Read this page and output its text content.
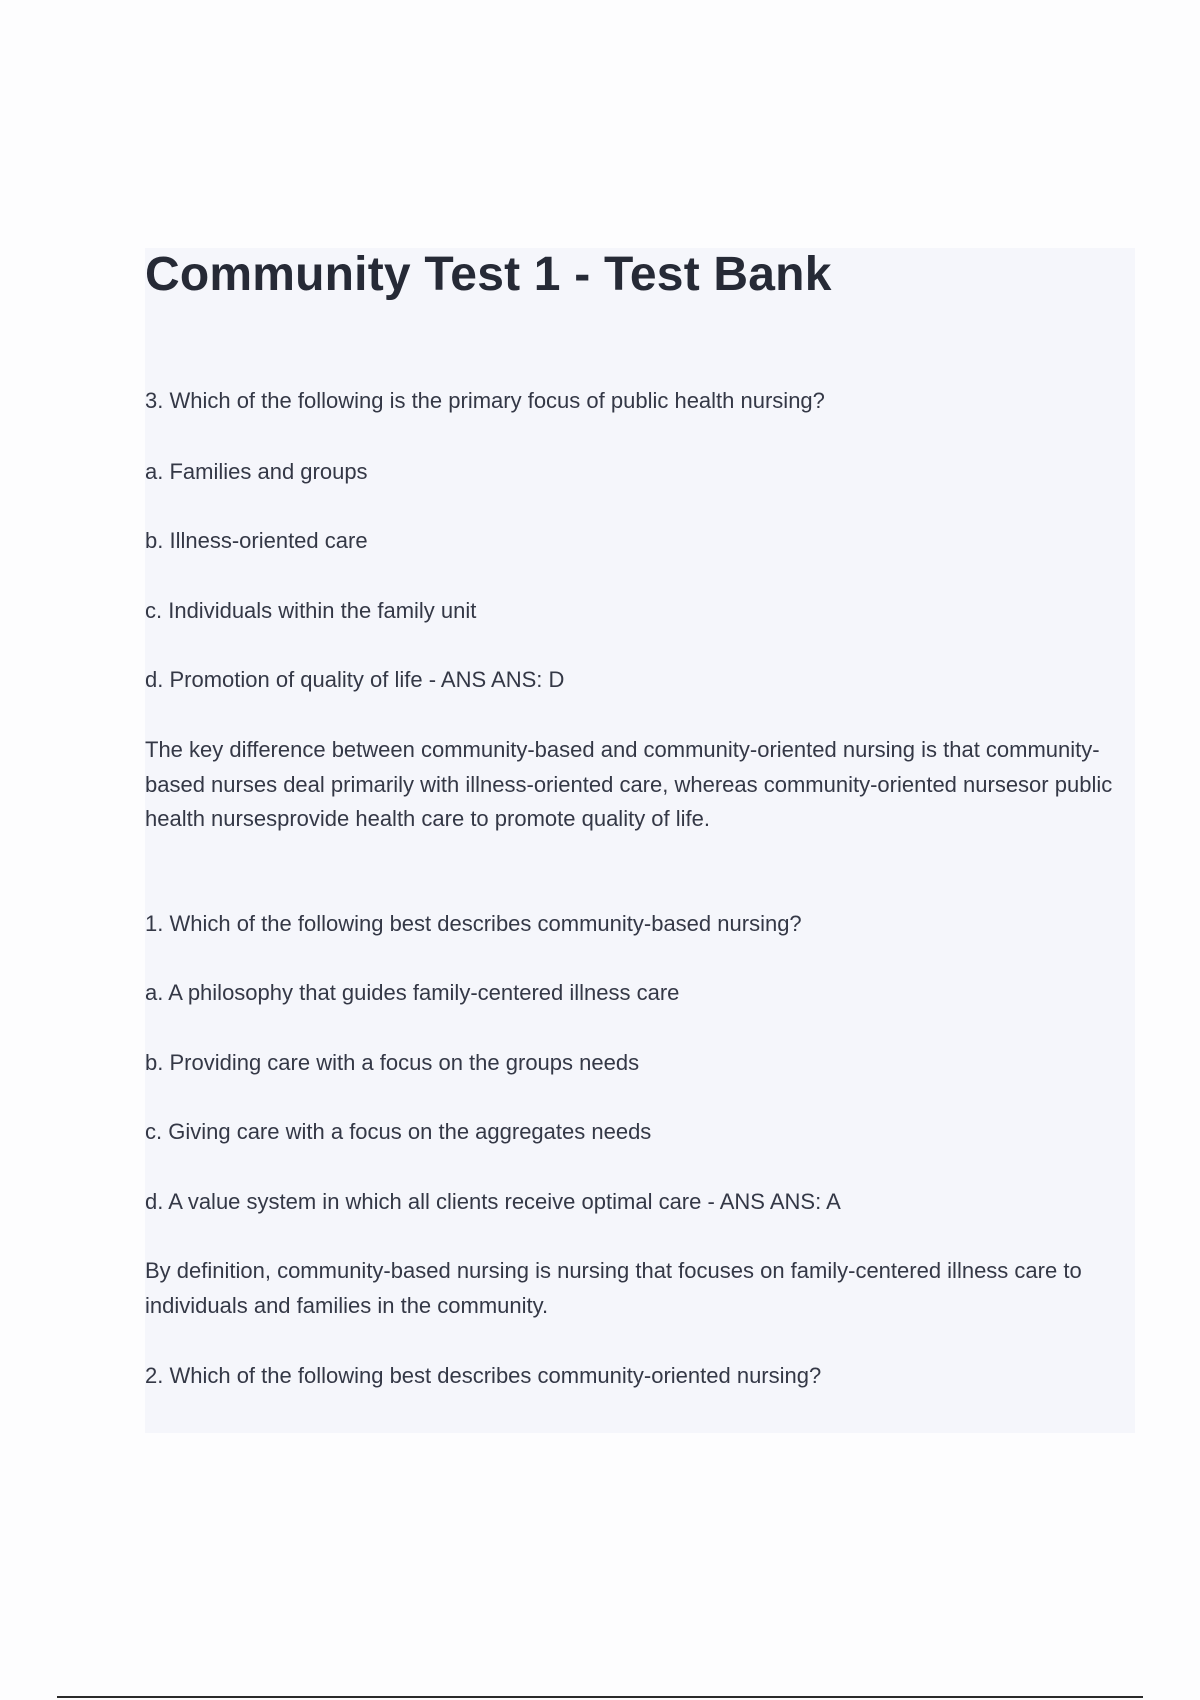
Community Test 1 - Test Bank

3. Which of the following is the primary focus of public health nursing?

a. Families and groups

b. Illness-oriented care

c. Individuals within the family unit

d. Promotion of quality of life - ANS ANS: D

The key difference between community-based and community-oriented nursing is that community-based nurses deal primarily with illness-oriented care, whereas community-oriented nursesor public health nursesprovide health care to promote quality of life.

1. Which of the following best describes community-based nursing?

a. A philosophy that guides family-centered illness care

b. Providing care with a focus on the groups needs

c. Giving care with a focus on the aggregates needs

d. A value system in which all clients receive optimal care - ANS ANS: A

By definition, community-based nursing is nursing that focuses on family-centered illness care to individuals and families in the community.

2. Which of the following best describes community-oriented nursing?
